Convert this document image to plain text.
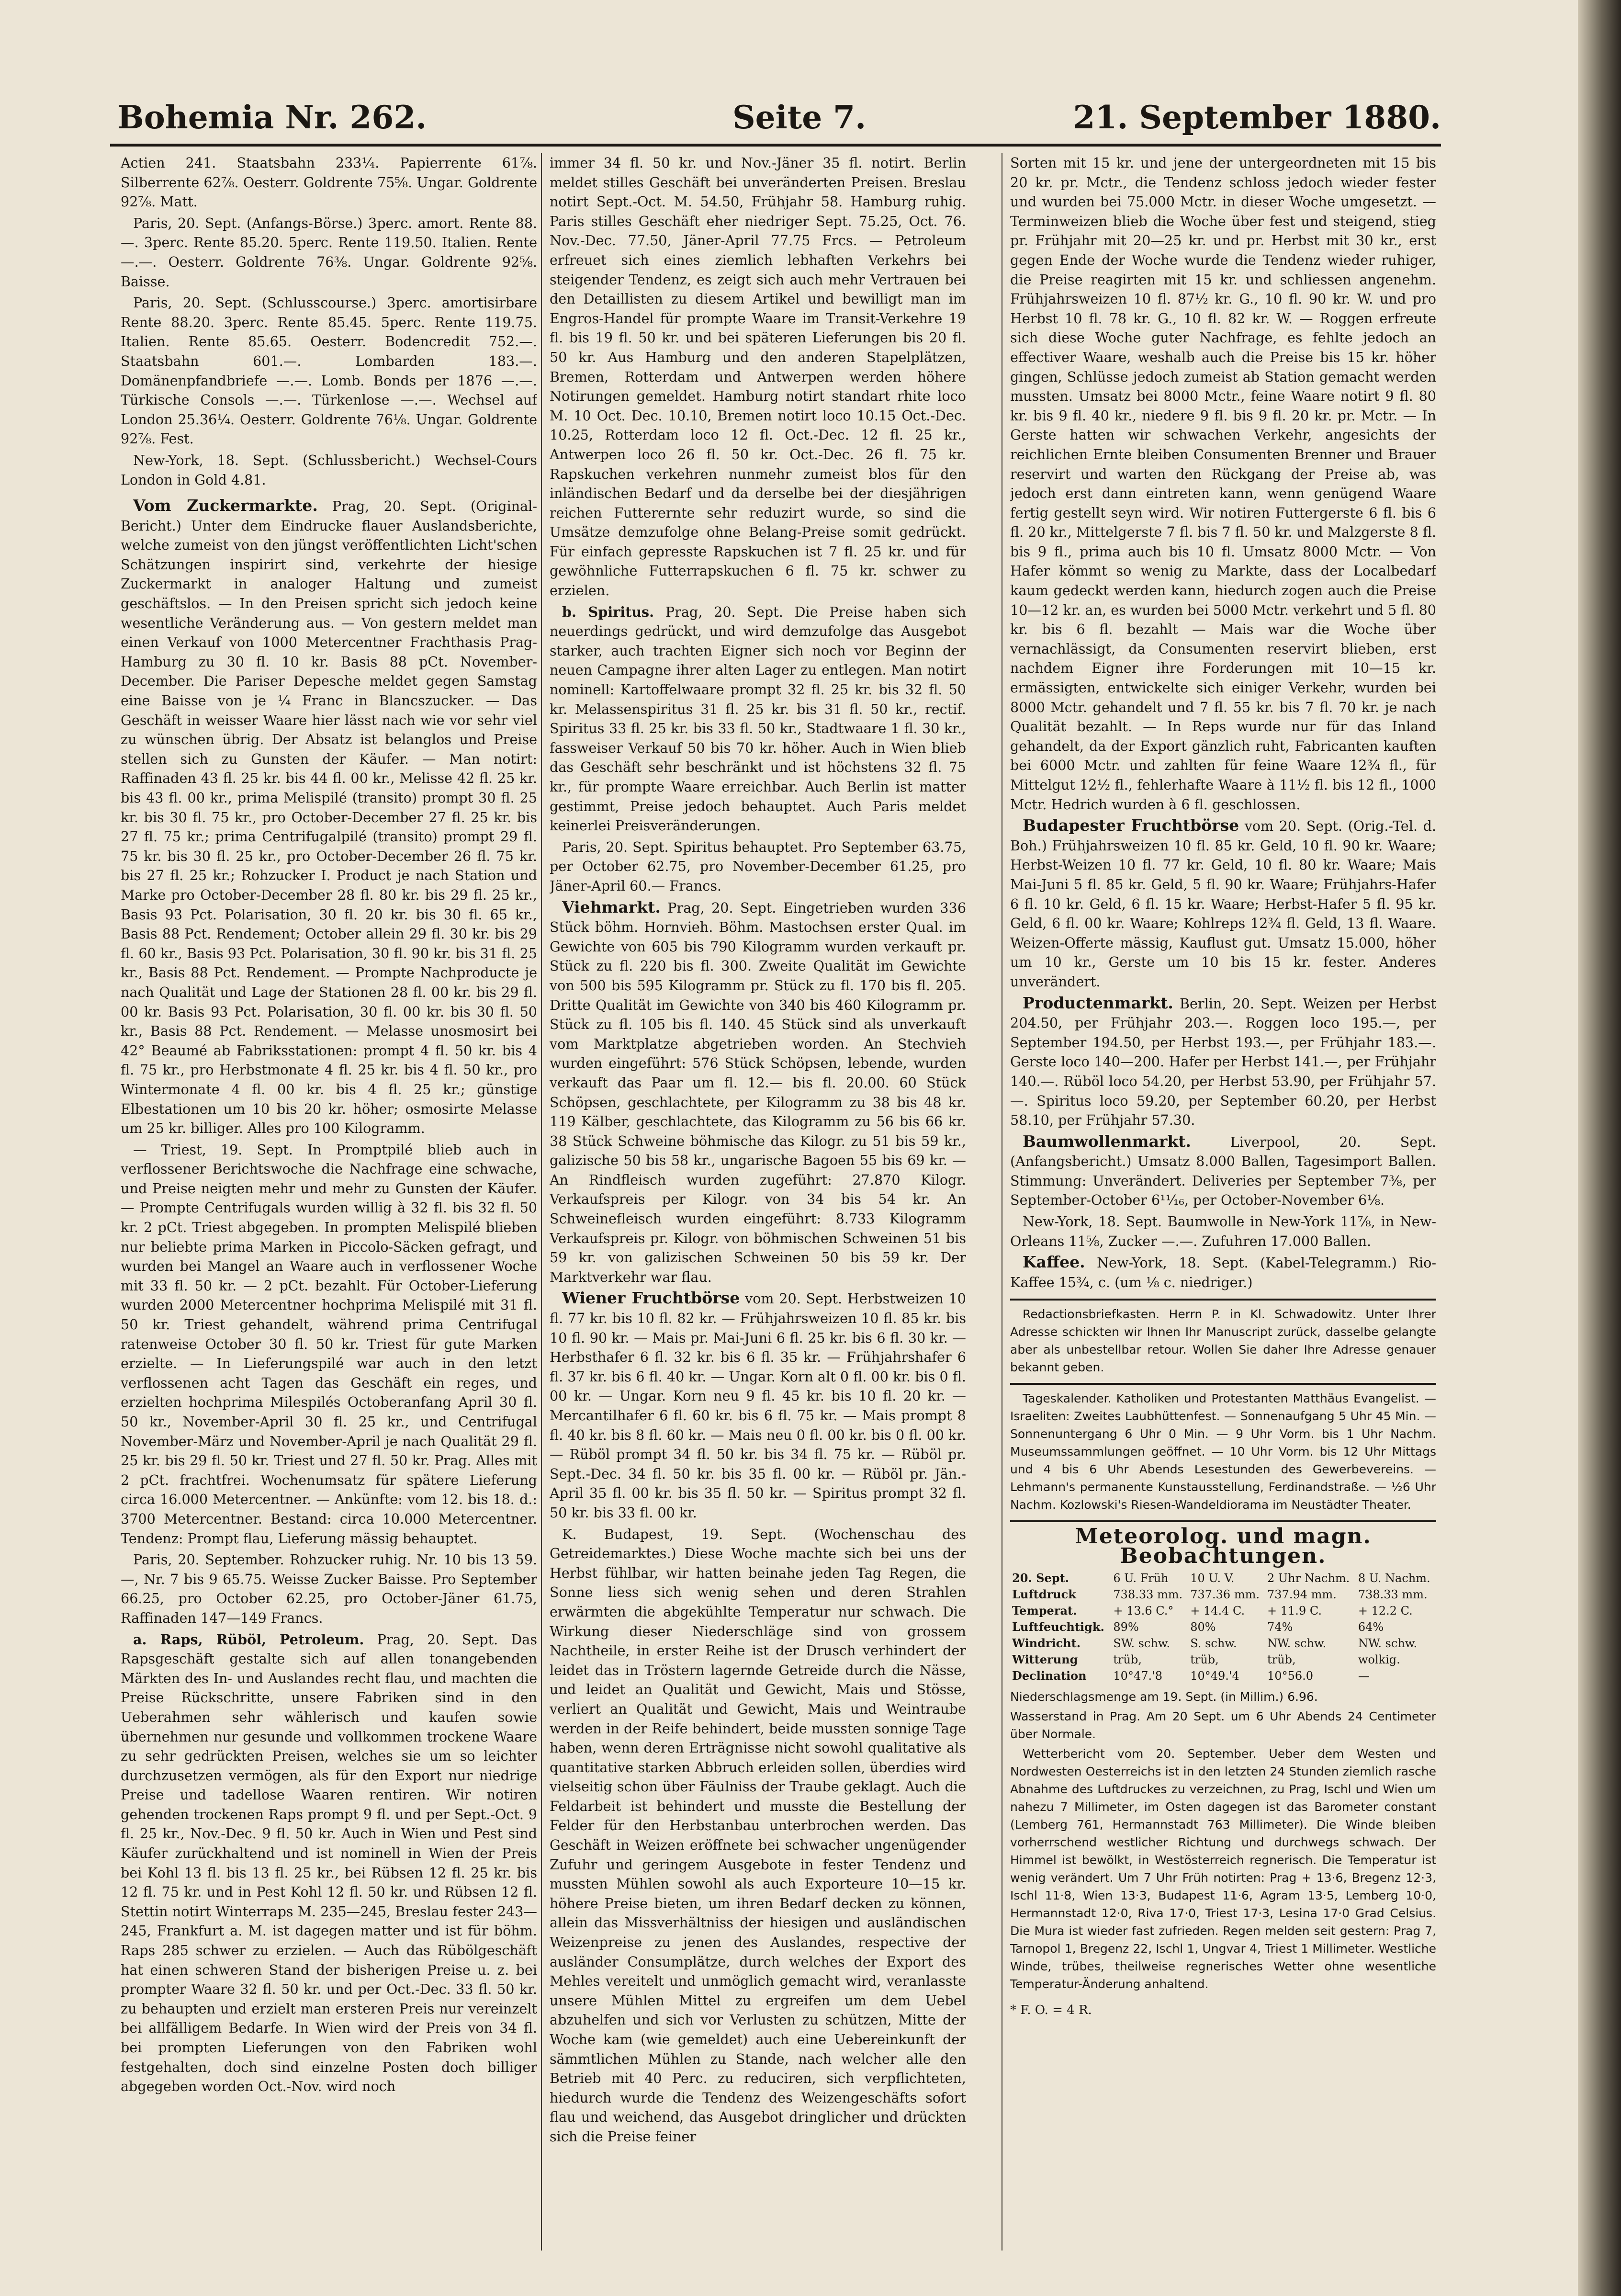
Bohemia Nr. 262.	Seite 7.	21. September 1880.

Actien 241. Staatsbahn 233¼. Papierrente 61⅞. Silberrente 62⅞. Oesterr. Goldrente 75⅝. Ungar. Goldrente 92⅞. Matt.

Paris, 20. Sept. (Anfangs-Börse.) 3perc. amort. Rente 88.—. 3perc. Rente 85.20. 5perc. Rente 119.50. Italien. Rente —.—. Oesterr. Goldrente 76⅜. Ungar. Goldrente 92⅝. Baisse.

Paris, 20. Sept. (Schlusscourse.) 3perc. amortisirbare Rente 88.20. 3perc. Rente 85.45. 5perc. Rente 119.75. Italien. Rente 85.65. Oesterr. Bodencredit 752.—. Staatsbahn 601.—. Lombarden 183.—. Domänenpfandbriefe —.—. Lomb. Bonds per 1876 —.—. Türkische Consols —.—. Türkenlose —.—. Wechsel auf London 25.36¼. Oesterr. Goldrente 76⅛. Ungar. Goldrente 92⅞. Fest.

New-York, 18. Sept. (Schlussbericht.) Wechsel-Cours London in Gold 4.81.

Vom Zuckermarkte. Prag, 20. Sept. (Original-Bericht.) Unter dem Eindrucke flauer Auslandsberichte, welche zumeist von den jüngst veröffentlichten Licht'schen Schätzungen inspirirt sind, verkehrte der hiesige Zuckermarkt in analoger Haltung und zumeist geschäftslos. — In den Preisen spricht sich jedoch keine wesentliche Veränderung aus. — Von gestern meldet man einen Verkauf von 1000 Metercentner Frachthasis Prag-Hamburg zu 30 fl. 10 kr. Basis 88 pCt. November-December. Die Pariser Depesche meldet gegen Samstag eine Baisse von je ¼ Franc in Blancszucker. — Das Geschäft in weisser Waare hier lässt nach wie vor sehr viel zu wünschen übrig. Der Absatz ist belanglos und Preise stellen sich zu Gunsten der Käufer. — Man notirt: Raffinaden 43 fl. 25 kr. bis 44 fl. 00 kr., Melisse 42 fl. 25 kr. bis 43 fl. 00 kr., prima Melispilé (transito) prompt 30 fl. 25 kr. bis 30 fl. 75 kr., pro October-December 27 fl. 25 kr. bis 27 fl. 75 kr.; prima Centrifugalpilé (transito) prompt 29 fl. 75 kr. bis 30 fl. 25 kr., pro October-December 26 fl. 75 kr. bis 27 fl. 25 kr.; Rohzucker I. Product je nach Station und Marke pro October-December 28 fl. 80 kr. bis 29 fl. 25 kr., Basis 93 Pct. Polarisation, 30 fl. 20 kr. bis 30 fl. 65 kr., Basis 88 Pct. Rendement; October allein 29 fl. 30 kr. bis 29 fl. 60 kr., Basis 93 Pct. Polarisation, 30 fl. 90 kr. bis 31 fl. 25 kr., Basis 88 Pct. Rendement. — Prompte Nachproducte je nach Qualität und Lage der Stationen 28 fl. 00 kr. bis 29 fl. 00 kr. Basis 93 Pct. Polarisation, 30 fl. 00 kr. bis 30 fl. 50 kr., Basis 88 Pct. Rendement. — Melasse unosmosirt bei 42° Beaumé ab Fabriksstationen: prompt 4 fl. 50 kr. bis 4 fl. 75 kr., pro Herbstmonate 4 fl. 25 kr. bis 4 fl. 50 kr., pro Wintermonate 4 fl. 00 kr. bis 4 fl. 25 kr.; günstige Elbestationen um 10 bis 20 kr. höher; osmosirte Melasse um 25 kr. billiger. Alles pro 100 Kilogramm.

— Triest, 19. Sept. In Promptpilé blieb auch in verflossener Berichtswoche die Nachfrage eine schwache, und Preise neigten mehr und mehr zu Gunsten der Käufer. — Prompte Centrifugals wurden willig à 32 fl. bis 32 fl. 50 kr. 2 pCt. Triest abgegeben. In prompten Melispilé blieben nur beliebte prima Marken in Piccolo-Säcken gefragt, und wurden bei Mangel an Waare auch in verflossener Woche mit 33 fl. 50 kr. — 2 pCt. bezahlt. Für October-Lieferung wurden 2000 Metercentner hochprima Melispilé mit 31 fl. 50 kr. Triest gehandelt, während prima Centrifugal ratenweise October 30 fl. 50 kr. Triest für gute Marken erzielte. — In Lieferungspilé war auch in den letzt verflossenen acht Tagen das Geschäft ein reges, und erzielten hochprima Milespilés Octoberanfang April 30 fl. 50 kr., November-April 30 fl. 25 kr., und Centrifugal November-März und November-April je nach Qualität 29 fl. 25 kr. bis 29 fl. 50 kr. Triest und 27 fl. 50 kr. Prag. Alles mit 2 pCt. frachtfrei. Wochenumsatz für spätere Lieferung circa 16.000 Metercentner. — Ankünfte: vom 12. bis 18. d.: 3700 Metercentner. Bestand: circa 10.000 Metercentner. Tendenz: Prompt flau, Lieferung mässig behauptet.

Paris, 20. September. Rohzucker ruhig. Nr. 10 bis 13 59.—, Nr. 7 bis 9 65.75. Weisse Zucker Baisse. Pro September 66.25, pro October 62.25, pro October-Jäner 61.75, Raffinaden 147—149 Francs.

a. Raps, Rüböl, Petroleum. Prag, 20. Sept. Das Rapsgeschäft gestalte sich auf allen tonangebenden Märkten des In- und Auslandes recht flau, und machten die Preise Rückschritte, unsere Fabriken sind in den Ueberahmen sehr wählerisch und kaufen sowie übernehmen nur gesunde und vollkommen trockene Waare zu sehr gedrückten Preisen, welches sie um so leichter durchzusetzen vermögen, als für den Export nur niedrige Preise und tadellose Waaren rentiren. Wir notiren gehenden trockenen Raps prompt 9 fl. und per Sept.-Oct. 9 fl. 25 kr., Nov.-Dec. 9 fl. 50 kr. Auch in Wien und Pest sind Käufer zurückhaltend und ist nominell in Wien der Preis bei Kohl 13 fl. bis 13 fl. 25 kr., bei Rübsen 12 fl. 25 kr. bis 12 fl. 75 kr. und in Pest Kohl 12 fl. 50 kr. und Rübsen 12 fl. Stettin notirt Winterraps M. 235—245, Breslau fester 243—245, Frankfurt a. M. ist dagegen matter und ist für böhm. Raps 285 schwer zu erzielen. — Auch das Rübölgeschäft hat einen schweren Stand der bisherigen Preise u. z. bei prompter Waare 32 fl. 50 kr. und per Oct.-Dec. 33 fl. 50 kr. zu behaupten und erzielt man ersteren Preis nur vereinzelt bei allfälligem Bedarfe. In Wien wird der Preis von 34 fl. bei prompten Lieferungen von den Fabriken wohl festgehalten, doch sind einzelne Posten doch billiger abgegeben worden Oct.-Nov. wird noch

immer 34 fl. 50 kr. und Nov.-Jäner 35 fl. notirt. Berlin meldet stilles Geschäft bei unveränderten Preisen. Breslau notirt Sept.-Oct. M. 54.50, Frühjahr 58. Hamburg ruhig. Paris stilles Geschäft eher niedriger Sept. 75.25, Oct. 76. Nov.-Dec. 77.50, Jäner-April 77.75 Frcs. — Petroleum erfreuet sich eines ziemlich lebhaften Verkehrs bei steigender Tendenz, es zeigt sich auch mehr Vertrauen bei den Detaillisten zu diesem Artikel und bewilligt man im Engros-Handel für prompte Waare im Transit-Verkehre 19 fl. bis 19 fl. 50 kr. und bei späteren Lieferungen bis 20 fl. 50 kr. Aus Hamburg und den anderen Stapelplätzen, Bremen, Rotterdam und Antwerpen werden höhere Notirungen gemeldet. Hamburg notirt standart rhite loco M. 10 Oct. Dec. 10.10, Bremen notirt loco 10.15 Oct.-Dec. 10.25, Rotterdam loco 12 fl. Oct.-Dec. 12 fl. 25 kr., Antwerpen loco 26 fl. 50 kr. Oct.-Dec. 26 fl. 75 kr. Rapskuchen verkehren nunmehr zumeist blos für den inländischen Bedarf und da derselbe bei der diesjährigen reichen Futterernte sehr reduzirt wurde, so sind die Umsätze demzufolge ohne Belang-Preise somit gedrückt. Für einfach gepresste Rapskuchen ist 7 fl. 25 kr. und für gewöhnliche Futterrapskuchen 6 fl. 75 kr. schwer zu erzielen.

b. Spiritus. Prag, 20. Sept. Die Preise haben sich neuerdings gedrückt, und wird demzufolge das Ausgebot starker, auch trachten Eigner sich noch vor Beginn der neuen Campagne ihrer alten Lager zu entlegen. Man notirt nominell: Kartoffelwaare prompt 32 fl. 25 kr. bis 32 fl. 50 kr. Melassenspiritus 31 fl. 25 kr. bis 31 fl. 50 kr., rectif. Spiritus 33 fl. 25 kr. bis 33 fl. 50 kr., Stadtwaare 1 fl. 30 kr., fassweiser Verkauf 50 bis 70 kr. höher. Auch in Wien blieb das Geschäft sehr beschränkt und ist höchstens 32 fl. 75 kr., für prompte Waare erreichbar. Auch Berlin ist matter gestimmt, Preise jedoch behauptet. Auch Paris meldet keinerlei Preisveränderungen.

Paris, 20. Sept. Spiritus behauptet. Pro September 63.75, per October 62.75, pro November-December 61.25, pro Jäner-April 60.— Francs.

Viehmarkt. Prag, 20. Sept. Eingetrieben wurden 336 Stück böhm. Hornvieh. Böhm. Mastochsen erster Qual. im Gewichte von 605 bis 790 Kilogramm wurden verkauft pr. Stück zu fl. 220 bis fl. 300. Zweite Qualität im Gewichte von 500 bis 595 Kilogramm pr. Stück zu fl. 170 bis fl. 205. Dritte Qualität im Gewichte von 340 bis 460 Kilogramm pr. Stück zu fl. 105 bis fl. 140. 45 Stück sind als unverkauft vom Marktplatze abgetrieben worden. An Stechvieh wurden eingeführt: 576 Stück Schöpsen, lebende, wurden verkauft das Paar um fl. 12.— bis fl. 20.00. 60 Stück Schöpsen, geschlachtete, per Kilogramm zu 38 bis 48 kr. 119 Kälber, geschlachtete, das Kilogramm zu 56 bis 66 kr. 38 Stück Schweine böhmische das Kilogr. zu 51 bis 59 kr., galizische 50 bis 58 kr., ungarische Bagoen 55 bis 69 kr. — An Rindfleisch wurden zugeführt: 27.870 Kilogr. Verkaufspreis per Kilogr. von 34 bis 54 kr. An Schweinefleisch wurden eingeführt: 8.733 Kilogramm Verkaufspreis pr. Kilogr. von böhmischen Schweinen 51 bis 59 kr. von galizischen Schweinen 50 bis 59 kr. Der Marktverkehr war flau.

Wiener Fruchtbörse vom 20. Sept. Herbstweizen 10 fl. 77 kr. bis 10 fl. 82 kr. — Frühjahrsweizen 10 fl. 85 kr. bis 10 fl. 90 kr. — Mais pr. Mai-Juni 6 fl. 25 kr. bis 6 fl. 30 kr. — Herbsthafer 6 fl. 32 kr. bis 6 fl. 35 kr. — Frühjahrshafer 6 fl. 37 kr. bis 6 fl. 40 kr. — Ungar. Korn alt 0 fl. 00 kr. bis 0 fl. 00 kr. — Ungar. Korn neu 9 fl. 45 kr. bis 10 fl. 20 kr. — Mercantilhafer 6 fl. 60 kr. bis 6 fl. 75 kr. — Mais prompt 8 fl. 40 kr. bis 8 fl. 60 kr. — Mais neu 0 fl. 00 kr. bis 0 fl. 00 kr. — Rüböl prompt 34 fl. 50 kr. bis 34 fl. 75 kr. — Rüböl pr. Sept.-Dec. 34 fl. 50 kr. bis 35 fl. 00 kr. — Rüböl pr. Jän.-April 35 fl. 00 kr. bis 35 fl. 50 kr. — Spiritus prompt 32 fl. 50 kr. bis 33 fl. 00 kr.

K. Budapest, 19. Sept. (Wochenschau des Getreidemarktes.) Diese Woche machte sich bei uns der Herbst fühlbar, wir hatten beinahe jeden Tag Regen, die Sonne liess sich wenig sehen und deren Strahlen erwärmten die abgekühlte Temperatur nur schwach. Die Wirkung dieser Niederschläge sind von grossem Nachtheile, in erster Reihe ist der Drusch verhindert der leidet das in Tröstern lagernde Getreide durch die Nässe, und leidet an Qualität und Gewicht, Mais und Stösse, verliert an Qualität und Gewicht, Mais und Weintraube werden in der Reife behindert, beide mussten sonnige Tage haben, wenn deren Erträgnisse nicht sowohl qualitative als quantitative starken Abbruch erleiden sollen, überdies wird vielseitig schon über Fäulniss der Traube geklagt. Auch die Feldarbeit ist behindert und musste die Bestellung der Felder für den Herbstanbau unterbrochen werden. Das Geschäft in Weizen eröffnete bei schwacher ungenügender Zufuhr und geringem Ausgebote in fester Tendenz und mussten Mühlen sowohl als auch Exporteure 10—15 kr. höhere Preise bieten, um ihren Bedarf decken zu können, allein das Missverhältniss der hiesigen und ausländischen Weizenpreise zu jenen des Auslandes, respective der ausländer Consumplätze, durch welches der Export des Mehles vereitelt und unmöglich gemacht wird, veranlasste unsere Mühlen Mittel zu ergreifen um dem Uebel abzuhelfen und sich vor Verlusten zu schützen, Mitte der Woche kam (wie gemeldet) auch eine Uebereinkunft der sämmtlichen Mühlen zu Stande, nach welcher alle den Betrieb mit 40 Perc. zu reduciren, sich verpflichteten, hiedurch wurde die Tendenz des Weizengeschäfts sofort flau und weichend, das Ausgebot dringlicher und drückten sich die Preise feiner

Sorten mit 15 kr. und jene der untergeordneten mit 15 bis 20 kr. pr. Mctr., die Tendenz schloss jedoch wieder fester und wurden bei 75.000 Mctr. in dieser Woche umgesetzt. — Terminweizen blieb die Woche über fest und steigend, stieg pr. Frühjahr mit 20—25 kr. und pr. Herbst mit 30 kr., erst gegen Ende der Woche wurde die Tendenz wieder ruhiger, die Preise reagirten mit 15 kr. und schliessen angenehm. Frühjahrsweizen 10 fl. 87½ kr. G., 10 fl. 90 kr. W. und pro Herbst 10 fl. 78 kr. G., 10 fl. 82 kr. W. — Roggen erfreute sich diese Woche guter Nachfrage, es fehlte jedoch an effectiver Waare, weshalb auch die Preise bis 15 kr. höher gingen, Schlüsse jedoch zumeist ab Station gemacht werden mussten. Umsatz bei 8000 Mctr., feine Waare notirt 9 fl. 80 kr. bis 9 fl. 40 kr., niedere 9 fl. bis 9 fl. 20 kr. pr. Mctr. — In Gerste hatten wir schwachen Verkehr, angesichts der reichlichen Ernte bleiben Consumenten Brenner und Brauer reservirt und warten den Rückgang der Preise ab, was jedoch erst dann eintreten kann, wenn genügend Waare fertig gestellt seyn wird. Wir notiren Futtergerste 6 fl. bis 6 fl. 20 kr., Mittelgerste 7 fl. bis 7 fl. 50 kr. und Malzgerste 8 fl. bis 9 fl., prima auch bis 10 fl. Umsatz 8000 Mctr. — Von Hafer kömmt so wenig zu Markte, dass der Localbedarf kaum gedeckt werden kann, hiedurch zogen auch die Preise 10—12 kr. an, es wurden bei 5000 Mctr. verkehrt und 5 fl. 80 kr. bis 6 fl. bezahlt — Mais war die Woche über vernachlässigt, da Consumenten reservirt blieben, erst nachdem Eigner ihre Forderungen mit 10—15 kr. ermässigten, entwickelte sich einiger Verkehr, wurden bei 8000 Mctr. gehandelt und 7 fl. 55 kr. bis 7 fl. 70 kr. je nach Qualität bezahlt. — In Reps wurde nur für das Inland gehandelt, da der Export gänzlich ruht, Fabricanten kauften bei 6000 Mctr. und zahlten für feine Waare 12¾ fl., für Mittelgut 12½ fl., fehlerhafte Waare à 11½ fl. bis 12 fl., 1000 Mctr. Hedrich wurden à 6 fl. geschlossen.

Budapester Fruchtbörse vom 20. Sept. (Orig.-Tel. d. Boh.) Frühjahrsweizen 10 fl. 85 kr. Geld, 10 fl. 90 kr. Waare; Herbst-Weizen 10 fl. 77 kr. Geld, 10 fl. 80 kr. Waare; Mais Mai-Juni 5 fl. 85 kr. Geld, 5 fl. 90 kr. Waare; Frühjahrs-Hafer 6 fl. 10 kr. Geld, 6 fl. 15 kr. Waare; Herbst-Hafer 5 fl. 95 kr. Geld, 6 fl. 00 kr. Waare; Kohlreps 12¾ fl. Geld, 13 fl. Waare. Weizen-Offerte mässig, Kauflust gut. Umsatz 15.000, höher um 10 kr., Gerste um 10 bis 15 kr. fester. Anderes unverändert.

Productenmarkt. Berlin, 20. Sept. Weizen per Herbst 204.50, per Frühjahr 203.—. Roggen loco 195.—, per September 194.50, per Herbst 193.—, per Frühjahr 183.—. Gerste loco 140—200. Hafer per Herbst 141.—, per Frühjahr 140.—. Rüböl loco 54.20, per Herbst 53.90, per Frühjahr 57.—. Spiritus loco 59.20, per September 60.20, per Herbst 58.10, per Frühjahr 57.30.

Baumwollenmarkt.	Liverpool, 20. Sept. (Anfangsbericht.) Umsatz 8.000 Ballen, Tagesimport Ballen. Stimmung: Unverändert. Deliveries per September 7⅜, per September-October 6¹¹⁄₁₆, per October-November 6⅛.

New-York, 18. Sept. Baumwolle in New-York 11⅞, in New-Orleans 11⅝, Zucker —.—. Zufuhren 17.000 Ballen.

Kaffee. New-York, 18. Sept. (Kabel-Telegramm.) Rio-Kaffee 15¾, c. (um ⅛ c. niedriger.)

Redactionsbriefkasten. Herrn P. in Kl. Schwadowitz. Unter Ihrer Adresse schickten wir Ihnen Ihr Manuscript zurück, dasselbe gelangte aber als unbestellbar retour. Wollen Sie daher Ihre Adresse genauer bekannt geben.

Tageskalender. Katholiken und Protestanten Matthäus Evangelist. — Israeliten: Zweites Laubhüttenfest. — Sonnenaufgang 5 Uhr 45 Min. — Sonnenuntergang 6 Uhr 0 Min. — 9 Uhr Vorm. bis 1 Uhr Nachm. Museumssammlungen geöffnet. — 10 Uhr Vorm. bis 12 Uhr Mittags und 4 bis 6 Uhr Abends Lesestunden des Gewerbevereins. — Lehmann's permanente Kunstausstellung, Ferdinandstraße. — ½6 Uhr Nachm. Kozlowski's Riesen-Wandeldiorama im Neustädter Theater.

Meteorolog. und magn. Beobachtungen.
20. Sept.	6 U. Früh	10 U. V.	2 Uhr Nachm.	8 U. Nachm.
Luftdruck	738.33 mm.	737.36 mm.	737.94 mm.	738.33 mm.
Temperat.	+ 13.6 C.°	+ 14.4 C.	+ 11.9 C.	+ 12.2 C.
Luftfeuchtigk.	89%	80%	74%	64%
Windricht.	SW. schw.	S. schw.	NW. schw.	NW. schw.
Witterung	trüb,	trüb,	trüb,	wolkig.
Declination	10°47.'8	10°49.'4	10°56.0	—

Niederschlagsmenge am 19. Sept. (in Millim.) 6.96.

Wasserstand in Prag. Am 20 Sept. um 6 Uhr Abends 24 Centimeter über Normale.

Wetterbericht vom 20. September. Ueber dem Westen und Nordwesten Oesterreichs ist in den letzten 24 Stunden ziemlich rasche Abnahme des Luftdruckes zu verzeichnen, zu Prag, Ischl und Wien um nahezu 7 Millimeter, im Osten dagegen ist das Barometer constant (Lemberg 761, Hermannstadt 763 Millimeter). Die Winde bleiben vorherrschend westlicher Richtung und durchwegs schwach. Der Himmel ist bewölkt, in Westösterreich regnerisch. Die Temperatur ist wenig verändert. Um 7 Uhr Früh notirten: Prag + 13·6, Bregenz 12·3, Ischl 11·8, Wien 13·3, Budapest 11·6, Agram 13·5, Lemberg 10·0, Hermannstadt 12·0, Riva 17·0, Triest 17·3, Lesina 17·0 Grad Celsius. Die Mura ist wieder fast zufrieden. Regen melden seit gestern: Prag 7, Tarnopol 1, Bregenz 22, Ischl 1, Ungvar 4, Triest 1 Millimeter. Westliche Winde, trübes, theilweise regnerisches Wetter ohne wesentliche Temperatur-Änderung anhaltend.

* F. O. = 4 R.
